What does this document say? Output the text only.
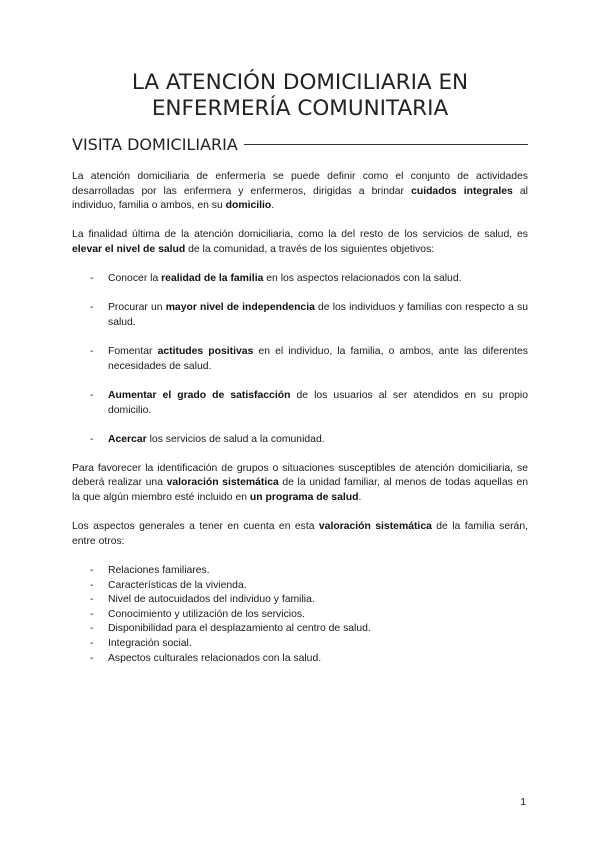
LA ATENCIÓN DOMICILIARIA EN
ENFERMERÍA COMUNITARIA
VISITA DOMICILIARIA

La atención domiciliaria de enfermería se puede definir como el conjunto de actividades desarrolladas por las enfermera y enfermeros, dirigidas a brindar cuidados integrales al individuo, familia o ambos, en su domicilio.

La finalidad última de la atención domiciliaria, como la del resto de los servicios de salud, es elevar el nivel de salud de la comunidad, a través de los siguientes objetivos:

- Conocer la realidad de la familia en los aspectos relacionados con la salud.
- Procurar un mayor nivel de independencia de los individuos y familias con respecto a su salud.
- Fomentar actitudes positivas en el individuo, la familia, o ambos, ante las diferentes necesidades de salud.
- Aumentar el grado de satisfacción de los usuarios al ser atendidos en su propio domicilio.
- Acercar los servicios de salud a la comunidad.

Para favorecer la identificación de grupos o situaciones susceptibles de atención domiciliaria, se deberá realizar una valoración sistemática de la unidad familiar, al menos de todas aquellas en la que algún miembro esté incluido en un programa de salud.

Los aspectos generales a tener en cuenta en esta valoración sistemática de la familia serán, entre otros:

- Relaciones familiares.
- Características de la vivienda.
- Nivel de autocuidados del individuo y familia.
- Conocimiento y utilización de los servicios.
- Disponibilidad para el desplazamiento al centro de salud.
- Integración social.
- Aspectos culturales relacionados con la salud.
1
